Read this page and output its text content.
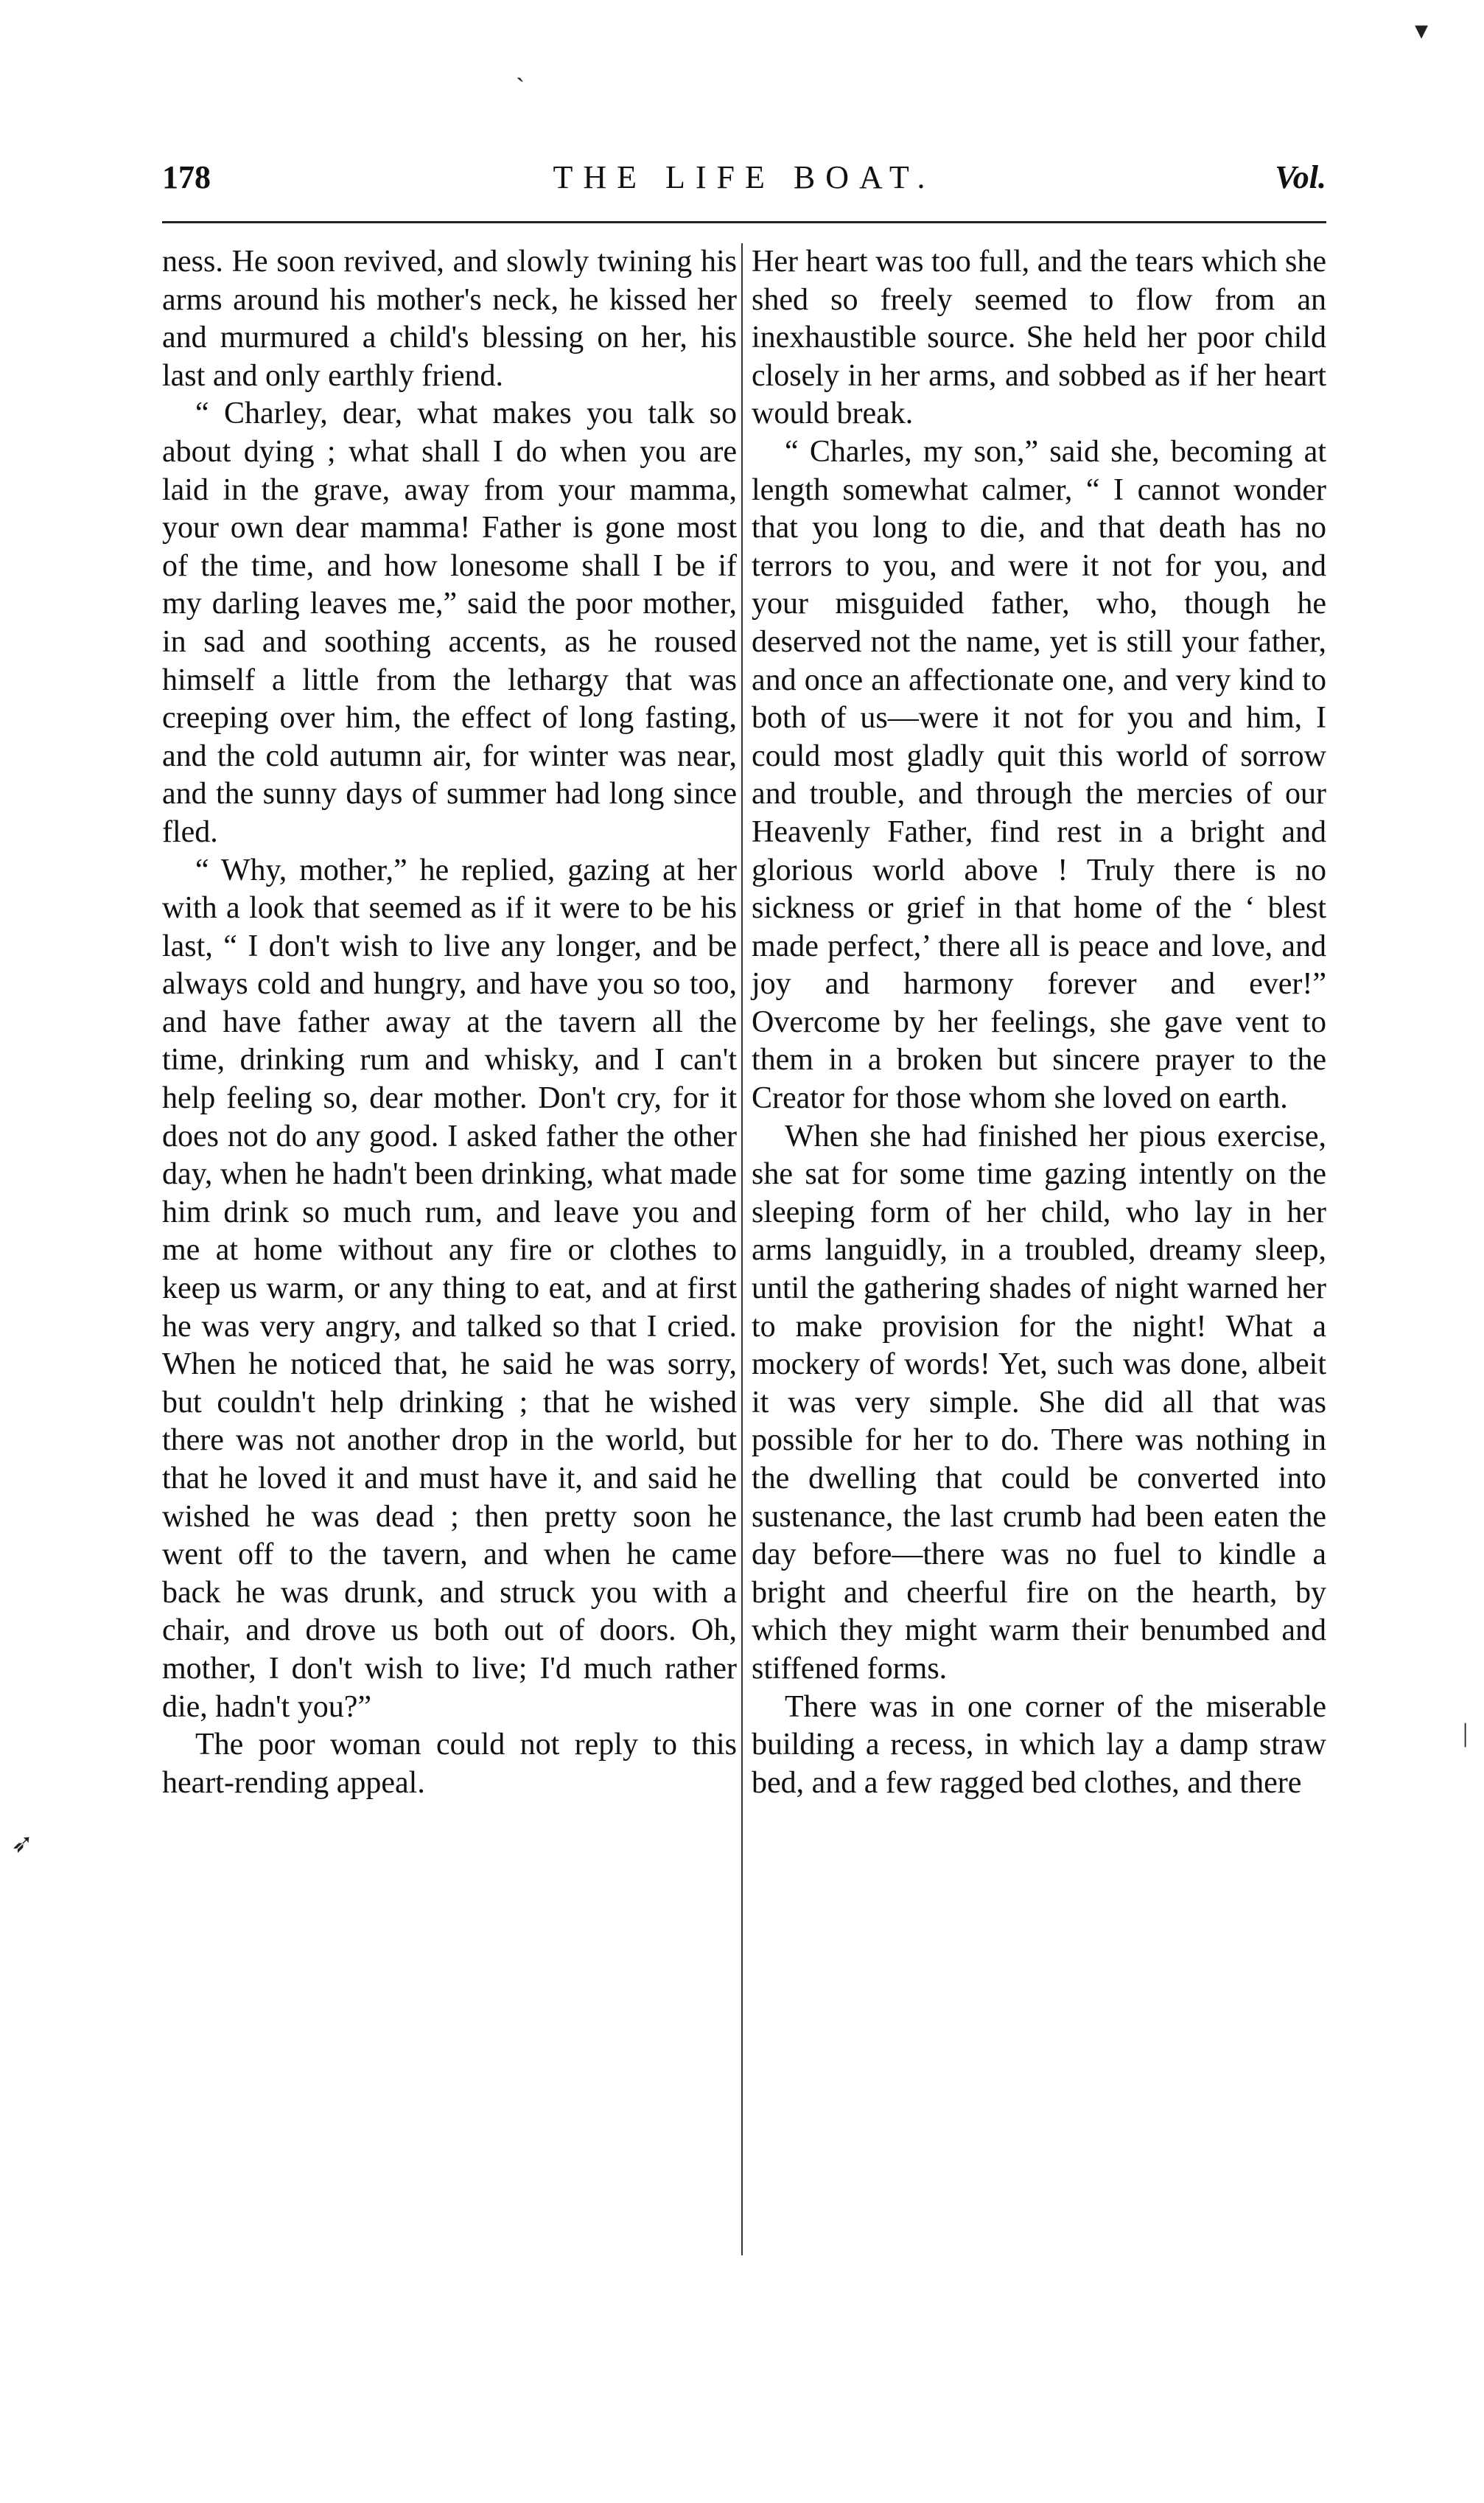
178	THE LIFE BOAT.	Vol.

ness. He soon revived, and slowly twining his arms around his mother's neck, he kissed her and murmured a child's blessing on her, his last and only earthly friend.

“ Charley, dear, what makes you talk so about dying ; what shall I do when you are laid in the grave, away from your mamma, your own dear mamma! Father is gone most of the time, and how lonesome shall I be if my darling leaves me,” said the poor mother, in sad and soothing accents, as he roused himself a little from the lethargy that was creeping over him, the effect of long fasting, and the cold autumn air, for winter was near, and the sunny days of summer had long since fled.

“ Why, mother,” he replied, gazing at her with a look that seemed as if it were to be his last, “ I don't wish to live any longer, and be always cold and hungry, and have you so too, and have father away at the tavern all the time, drinking rum and whisky, and I can't help feeling so, dear mother. Don't cry, for it does not do any good. I asked father the other day, when he hadn't been drinking, what made him drink so much rum, and leave you and me at home without any fire or clothes to keep us warm, or any thing to eat, and at first he was very angry, and talked so that I cried. When he noticed that, he said he was sorry, but couldn't help drinking ; that he wished there was not another drop in the world, but that he loved it and must have it, and said he wished he was dead ; then pretty soon he went off to the tavern, and when he came back he was drunk, and struck you with a chair, and drove us both out of doors. Oh, mother, I don't wish to live; I'd much rather die, hadn't you?”

The poor woman could not reply to this heart-rending appeal.

Her heart was too full, and the tears which she shed so freely seemed to flow from an inexhaustible source. She held her poor child closely in her arms, and sobbed as if her heart would break.

“ Charles, my son,” said she, becoming at length somewhat calmer, “ I cannot wonder that you long to die, and that death has no terrors to you, and were it not for you, and your misguided father, who, though he deserved not the name, yet is still your father, and once an affectionate one, and very kind to both of us—were it not for you and him, I could most gladly quit this world of sorrow and trouble, and through the mercies of our Heavenly Father, find rest in a bright and glorious world above ! Truly there is no sickness or grief in that home of the ‘ blest made perfect,’ there all is peace and love, and joy and harmony forever and ever!” Overcome by her feelings, she gave vent to them in a broken but sincere prayer to the Creator for those whom she loved on earth.

When she had finished her pious exercise, she sat for some time gazing intently on the sleeping form of her child, who lay in her arms languidly, in a troubled, dreamy sleep, until the gathering shades of night warned her to make provision for the night! What a mockery of words! Yet, such was done, albeit it was very simple. She did all that was possible for her to do. There was nothing in the dwelling that could be converted into sustenance, the last crumb had been eaten the day before—there was no fuel to kindle a bright and cheerful fire on the hearth, by which they might warm their benumbed and stiffened forms.

There was in one corner of the miserable building a recess, in which lay a damp straw bed, and a few ragged bed clothes, and there

▾
ˎ
|
➶
